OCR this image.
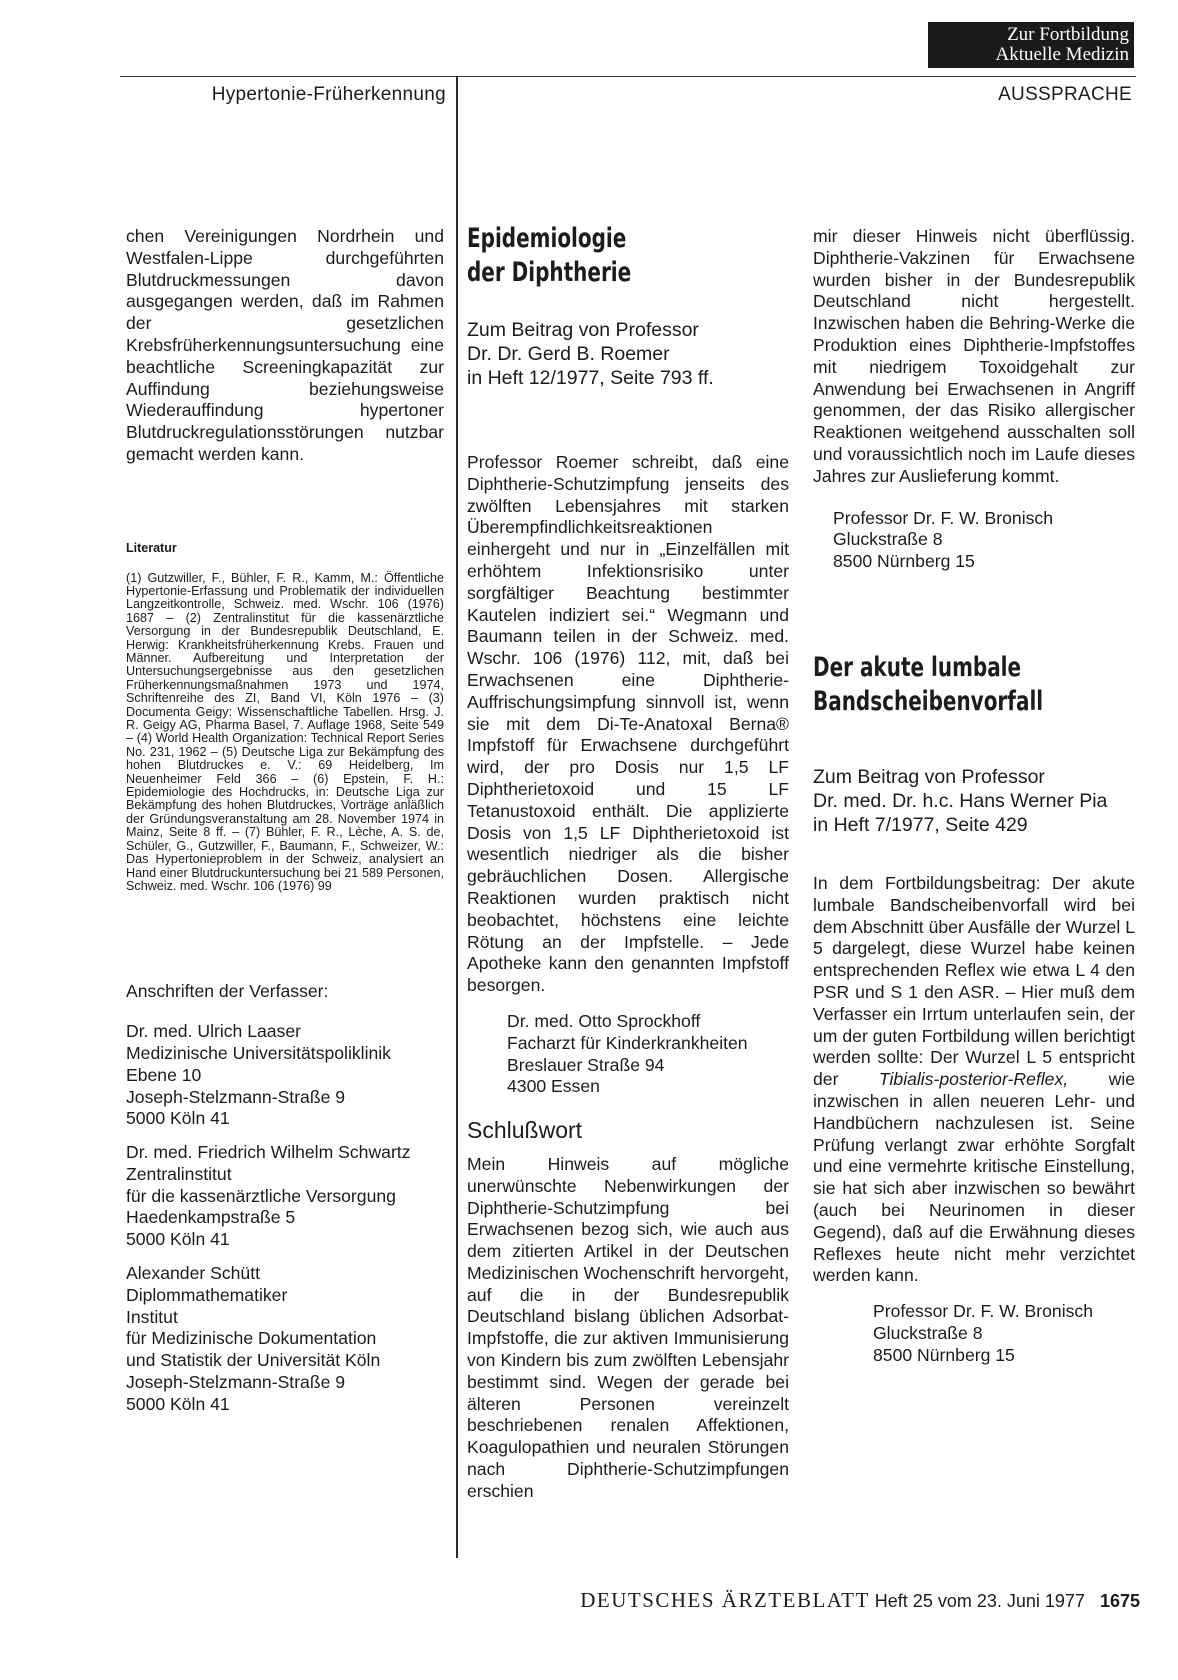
Zur Fortbildung
Aktuelle Medizin
Hypertonie-Früherkennung	AUSSPRACHE

chen Vereinigungen Nordrhein und Westfalen-Lippe durchgeführten Blutdruckmessungen davon ausgegangen werden, daß im Rahmen der gesetzlichen Krebsfrüherkennungsuntersuchung eine beachtliche Screeningkapazität zur Auffindung beziehungsweise Wiederauffindung hypertoner Blutdruckregulationsstörungen nutzbar gemacht werden kann.

Literatur

(1) Gutzwiller, F., Bühler, F. R., Kamm, M.: Öffentliche Hypertonie-Erfassung und Problematik der individuellen Langzeitkontrolle, Schweiz. med. Wschr. 106 (1976) 1687 – (2) Zentralinstitut für die kassenärztliche Versorgung in der Bundesrepublik Deutschland, E. Herwig: Krankheitsfrüherkennung Krebs. Frauen und Männer. Aufbereitung und Interpretation der Untersuchungsergebnisse aus den gesetzlichen Früherkennungsmaßnahmen 1973 und 1974, Schriftenreihe des ZI, Band VI, Köln 1976 – (3) Documenta Geigy: Wissenschaftliche Tabellen. Hrsg. J. R. Geigy AG, Pharma Basel, 7. Auflage 1968, Seite 549 – (4) World Health Organization: Technical Report Series No. 231, 1962 – (5) Deutsche Liga zur Bekämpfung des hohen Blutdruckes e. V.: 69 Heidelberg, Im Neuenheimer Feld 366 – (6) Epstein, F. H.: Epidemiologie des Hochdrucks, in: Deutsche Liga zur Bekämpfung des hohen Blutdruckes, Vorträge anläßlich der Gründungsveranstaltung am 28. November 1974 in Mainz, Seite 8 ff. – (7) Bühler, F. R., Lèche, A. S. de, Schüler, G., Gutzwiller, F., Baumann, F., Schweizer, W.: Das Hypertonieproblem in der Schweiz, analysiert an Hand einer Blutdruckuntersuchung bei 21 589 Personen, Schweiz. med. Wschr. 106 (1976) 99

Anschriften der Verfasser:

Dr. med. Ulrich Laaser

Medizinische Universitätspoliklinik

Ebene 10

Joseph-Stelzmann-Straße 9

5000 Köln 41

Dr. med. Friedrich Wilhelm Schwartz

Zentralinstitut

für die kassenärztliche Versorgung

Haedenkampstraße 5

5000 Köln 41

Alexander Schütt

Diplommathematiker

Institut

für Medizinische Dokumentation

und Statistik der Universität Köln

Joseph-Stelzmann-Straße 9

5000 Köln 41

Epidemiologie
der Diphtherie

Zum Beitrag von Professor

Dr. Dr. Gerd B. Roemer

in Heft 12/1977, Seite 793 ff.

Professor Roemer schreibt, daß eine Diphtherie-Schutzimpfung jenseits des zwölften Lebensjahres mit starken Überempfindlichkeitsreaktionen einhergeht und nur in „Einzelfällen mit erhöhtem Infektionsrisiko unter sorgfältiger Beachtung bestimmter Kautelen indiziert sei.“ Wegmann und Baumann teilen in der Schweiz. med. Wschr. 106 (1976) 112, mit, daß bei Erwachsenen eine Diphtherie-Auffrischungsimpfung sinnvoll ist, wenn sie mit dem Di-Te-Anatoxal Berna® Impfstoff für Erwachsene durchgeführt wird, der pro Dosis nur 1,5 LF Diphtherietoxoid und 15 LF Tetanustoxoid enthält. Die applizierte Dosis von 1,5 LF Diphtherietoxoid ist wesentlich niedriger als die bisher gebräuchlichen Dosen. Allergische Reaktionen wurden praktisch nicht beobachtet, höchstens eine leichte Rötung an der Impfstelle. – Jede Apotheke kann den genannten Impfstoff besorgen.

Dr. med. Otto Sprockhoff

Facharzt für Kinderkrankheiten

Breslauer Straße 94

4300 Essen

Schlußwort

Mein Hinweis auf mögliche unerwünschte Nebenwirkungen der Diphtherie-Schutzimpfung bei Erwachsenen bezog sich, wie auch aus dem zitierten Artikel in der Deutschen Medizinischen Wochenschrift hervorgeht, auf die in der Bundesrepublik Deutschland bislang üblichen Adsorbat-Impfstoffe, die zur aktiven Immunisierung von Kindern bis zum zwölften Lebensjahr bestimmt sind. Wegen der gerade bei älteren Personen vereinzelt beschriebenen renalen Affektionen, Koagulopathien und neuralen Störungen nach Diphtherie-Schutzimpfungen erschien

mir dieser Hinweis nicht überflüssig. Diphtherie-Vakzinen für Erwachsene wurden bisher in der Bundesrepublik Deutschland nicht hergestellt. Inzwischen haben die Behring-Werke die Produktion eines Diphtherie-Impfstoffes mit niedrigem Toxoidgehalt zur Anwendung bei Erwachsenen in Angriff genommen, der das Risiko allergischer Reaktionen weitgehend ausschalten soll und voraussichtlich noch im Laufe dieses Jahres zur Auslieferung kommt.

Professor Dr. F. W. Bronisch

Gluckstraße 8

8500 Nürnberg 15

Der akute lumbale
Bandscheibenvorfall

Zum Beitrag von Professor

Dr. med. Dr. h.c. Hans Werner Pia

in Heft 7/1977, Seite 429

In dem Fortbildungsbeitrag: Der akute lumbale Bandscheibenvorfall wird bei dem Abschnitt über Ausfälle der Wurzel L 5 dargelegt, diese Wurzel habe keinen entsprechenden Reflex wie etwa L 4 den PSR und S 1 den ASR. – Hier muß dem Verfasser ein Irrtum unterlaufen sein, der um der guten Fortbildung willen berichtigt werden sollte: Der Wurzel L 5 entspricht der Tibialis-posterior-Reflex, wie inzwischen in allen neueren Lehr- und Handbüchern nachzulesen ist. Seine Prüfung verlangt zwar erhöhte Sorgfalt und eine vermehrte kritische Einstellung, sie hat sich aber inzwischen so bewährt (auch bei Neurinomen in dieser Gegend), daß auf die Erwähnung dieses Reflexes heute nicht mehr verzichtet werden kann.

Professor Dr. F. W. Bronisch

Gluckstraße 8

8500 Nürnberg 15

DEUTSCHES ÄRZTEBLATT Heft 25 vom 23. Juni 1977 1675
